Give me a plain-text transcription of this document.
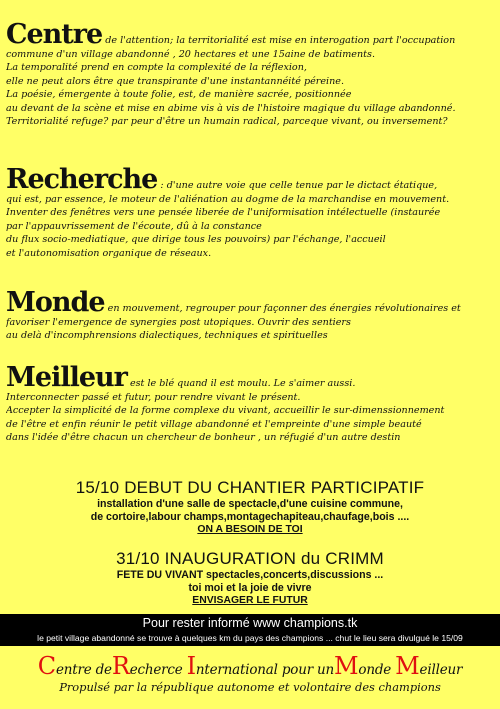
Centre de l'attention; la territorialité est mise en interogation part l'occupation
commune d'un village abandonné , 20 hectares et une 15aine de batiments.
La temporalité prend en compte la complexité de la réflexion,
elle ne peut alors être que transpirante d'une instantannéité péreine.
La poésie, émergente à toute folie, est, de manière sacrée, positionnée
au devant de la scène et mise en abime vis à vis de l'histoire magique du village abandonné.
Territorialité refuge? par peur d'être un humain radical, parceque vivant, ou inversement?
Recherche : d'une autre voie que celle tenue par le dictact étatique,
qui est, par essence, le moteur de l'aliénation au dogme de la marchandise en mouvement.
Inventer des fenêtres vers une pensée liberée de l'uniformisation intélectuelle (instaurée
par l'appauvrissement de l'écoute, dû à la constance
du flux socio-mediatique, que dirige tous les pouvoirs) par l'échange, l'accueil
et l'autonomisation organique de réseaux.
Monde en mouvement, regrouper pour façonner des énergies révolutionaires et
favoriser l'emergence de synergies post utopiques. Ouvrir des sentiers
au delà d'incomphrensions dialectiques, techniques et spirituelles
Meilleur est le blé quand il est moulu. Le s'aimer aussi.
Interconnecter passé et futur, pour rendre vivant le présent.
Accepter la simplicité de la forme complexe du vivant, accueillir le sur-dimenssionnement
de l'être et enfin réunir le petit village abandonné et l'empreinte d'une simple beauté
dans l'idée d'être chacun un chercheur de bonheur , un réfugié d'un autre destin
15/10 DEBUT DU CHANTIER PARTICIPATIF
installation d'une salle de spectacle,d'une cuisine commune,
de cortoire,labour champs,montagechapiteau,chaufage,bois ....
ON A BESOIN DE TOI
31/10 INAUGURATION du CRIMM
FETE DU VIVANT spectacles,concerts,discussions ...
toi moi et la joie de vivre
ENVISAGER LE FUTUR
Pour rester informé www champions.tk
le petit village abandonné se trouve à quelques km du pays des champions ... chut le lieu sera divulgué le 15/09
Centre deRecherce International pour unMonde Meilleur
Propulsé par la république autonome et volontaire des champions
